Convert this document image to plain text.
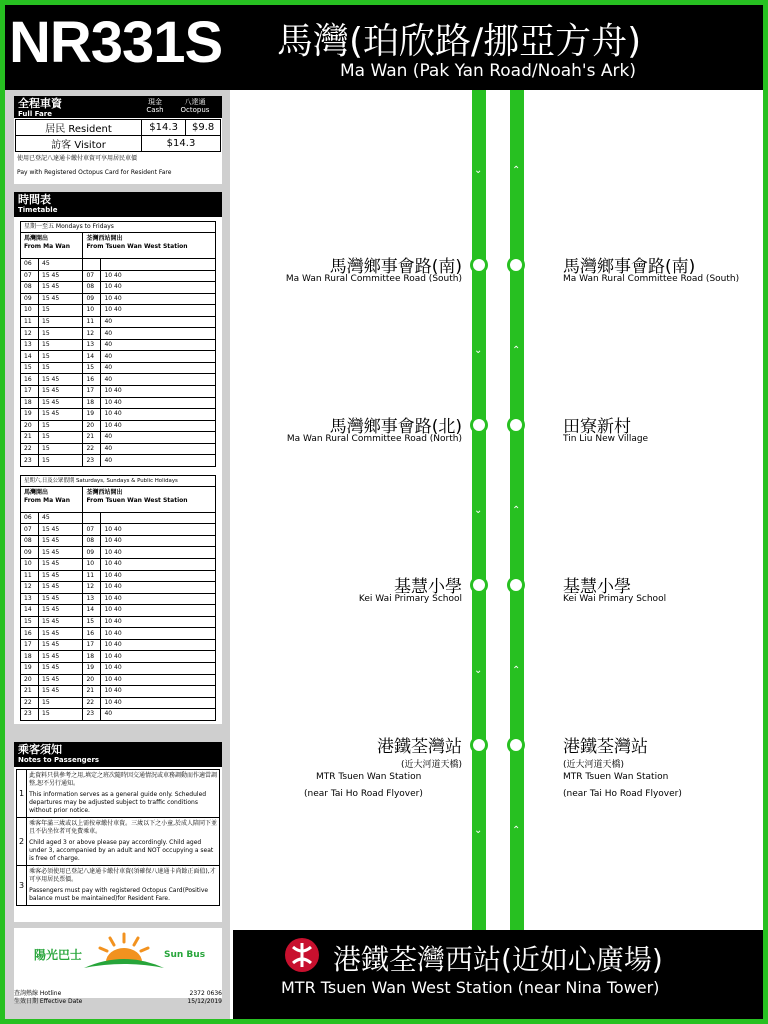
NR331S 馬灣(珀欣路/挪亞方舟)
Ma Wan (Pak Yan Road/Noah's Ark)
全程車資
Full Fare
現金
Cash
八達通
Octopus
居民 Resident	$14.3	$9.8
訪客 Visitor	$14.3	
使用已登記八達通卡繳付車資可享用居民車價
Pay with Registered Octopus Card for Resident Fare
時間表
Timetable
星期一至五 Mondays to Fridays			

馬灣開出
From Ma Wan		荃灣西站開出
From Tsuen Wan West Station	

06	45		
07	15 45	07	10 40
08	15 45	08	10 40
09	15 45	09	10 40
10	15	10	10 40
11	15	11	40
12	15	12	40
13	15	13	40
14	15	14	40
15	15	15	40
16	15 45	16	40
17	15 45	17	10 40
18	15 45	18	10 40
19	15 45	19	10 40
20	15	20	10 40
21	15	21	40
22	15	22	40
23	15	23	40
星期六,日及公眾假期 Saturdays, Sundays & Public Holidays			

馬灣開出
From Ma Wan		荃灣西站開出
From Tsuen Wan West Station	

06	45		
07	15 45	07	10 40
08	15 45	08	10 40
09	15 45	09	10 40
10	15 45	10	10 40
11	15 45	11	10 40
12	15 45	12	10 40
13	15 45	13	10 40
14	15 45	14	10 40
15	15 45	15	10 40
16	15 45	16	10 40
17	15 45	17	10 40
18	15 45	18	10 40
19	15 45	19	10 40
20	15 45	20	10 40
21	15 45	21	10 40
22	15	22	10 40
23	15	23	40
乘客須知
Notes to Passengers
1	此資料只供參考之用,填定之班次隨時因交通情況或車務調動而作適當調整,恕不另行通知。
This information serves as a general guide only. Scheduled departures may be adjusted subject to traffic conditions without prior notice.

2	乘客年滿三歲或以上需按章繳付車資。三歲以下之小童,於成人陪同下並且不佔坐位者可免費乘車。
Child aged 3 or above please pay accordingly. Child aged under 3, accompanied by an adult and NOT occupying a seat is free of charge.

3	乘客必須使用已登記八達通卡繳付車資(須確保八達通卡尚餘正面值),才可享用居民票價。
Passengers must pay with registered Octopus Card(Positive balance must be maintained)for Resident Fare.
陽光巴士	Sun Bus
查詢熱線 Hotline	2372 0636
生效日期 Effective Date	15/12/2019
馬灣鄉事會路(南)
Ma Wan Rural Committee Road (South)
馬灣鄉事會路(北)
Ma Wan Rural Committee Road (North)
基慧小學
Kei Wai Primary School
港鐵荃灣站
(近大河道天橋)
MTR Tsuen Wan Station
(near Tai Ho Road Flyover)
馬灣鄉事會路(南)
Ma Wan Rural Committee Road (South)
田寮新村
Tin Liu New Village
基慧小學
Kei Wai Primary School
港鐵荃灣站
(近大河道天橋)
MTR Tsuen Wan Station
(near Tai Ho Road Flyover)
⌄	⌃
⌄	⌃
⌄	⌃
⌄	⌃
⌄	⌃
港鐵荃灣西站(近如心廣場)
MTR Tsuen Wan West Station (near Nina Tower)
